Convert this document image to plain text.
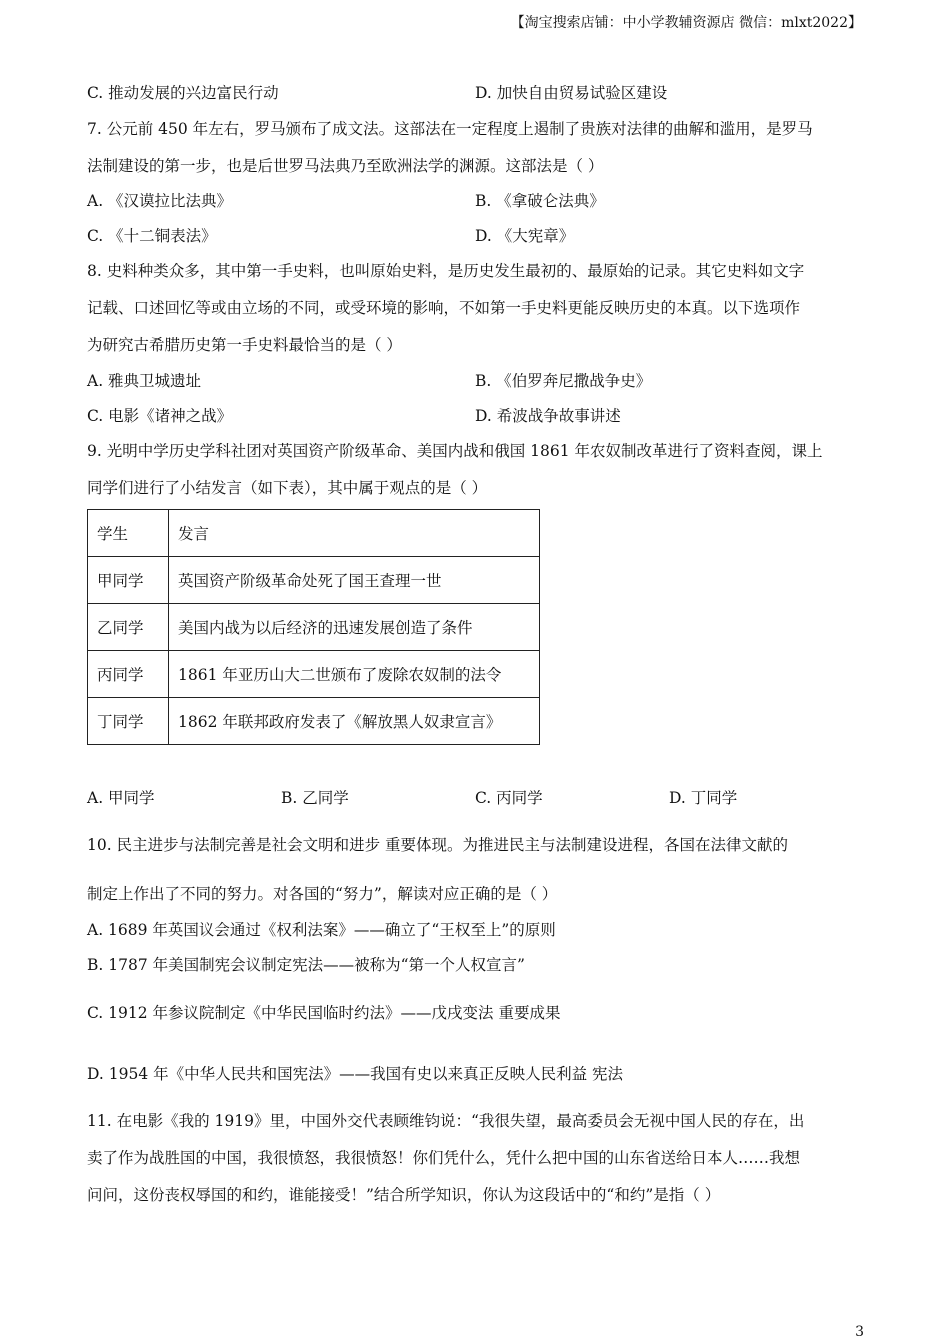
【淘宝搜索店铺：中小学教辅资源店 微信：mlxt2022】
C. 推动发展的兴边富民行动	D. 加快自由贸易试验区建设
7. 公元前 450 年左右，罗马颁布了成文法。这部法在一定程度上遏制了贵族对法律的曲解和滥用，是罗马
法制建设的第一步，也是后世罗马法典乃至欧洲法学的渊源。这部法是（ ）
A. 《汉谟拉比法典》	B. 《拿破仑法典》
C. 《十二铜表法》	D. 《大宪章》
8. 史料种类众多，其中第一手史料，也叫原始史料，是历史发生最初的、最原始的记录。其它史料如文字
记载、口述回忆等或由立场的不同，或受环境的影响，不如第一手史料更能反映历史的本真。以下选项作
为研究古希腊历史第一手史料最恰当的是（ ）
A. 雅典卫城遗址	B. 《伯罗奔尼撒战争史》
C. 电影《诸神之战》	D. 希波战争故事讲述
9. 光明中学历史学科社团对英国资产阶级革命、美国内战和俄国 1861 年农奴制改革进行了资料查阅，课上
同学们进行了小结发言（如下表），其中属于观点的是（ ）
学生	发言
甲同学	英国资产阶级革命处死了国王查理一世
乙同学	美国内战为以后经济的迅速发展创造了条件
丙同学	1861 年亚历山大二世颁布了废除农奴制的法令
丁同学	1862 年联邦政府发表了《解放黑人奴隶宣言》
A. 甲同学	B. 乙同学	C. 丙同学	D. 丁同学
10. 民主进步与法制完善是社会文明和进步 重要体现。为推进民主与法制建设进程，各国在法律文献的
制定上作出了不同的努力。对各国的“努力”，解读对应正确的是（ ）
A. 1689 年英国议会通过《权利法案》——确立了“王权至上”的原则
B. 1787 年美国制宪会议制定宪法——被称为“第一个人权宣言”
C. 1912 年参议院制定《中华民国临时约法》——戊戌变法 重要成果
D. 1954 年《中华人民共和国宪法》——我国有史以来真正反映人民利益 宪法
11. 在电影《我的 1919》里，中国外交代表顾维钧说：“我很失望，最高委员会无视中国人民的存在，出
卖了作为战胜国的中国，我很愤怒，我很愤怒！你们凭什么，凭什么把中国的山东省送给日本人……我想
问问，这份丧权辱国的和约，谁能接受！”结合所学知识，你认为这段话中的“和约”是指（ ）
3
